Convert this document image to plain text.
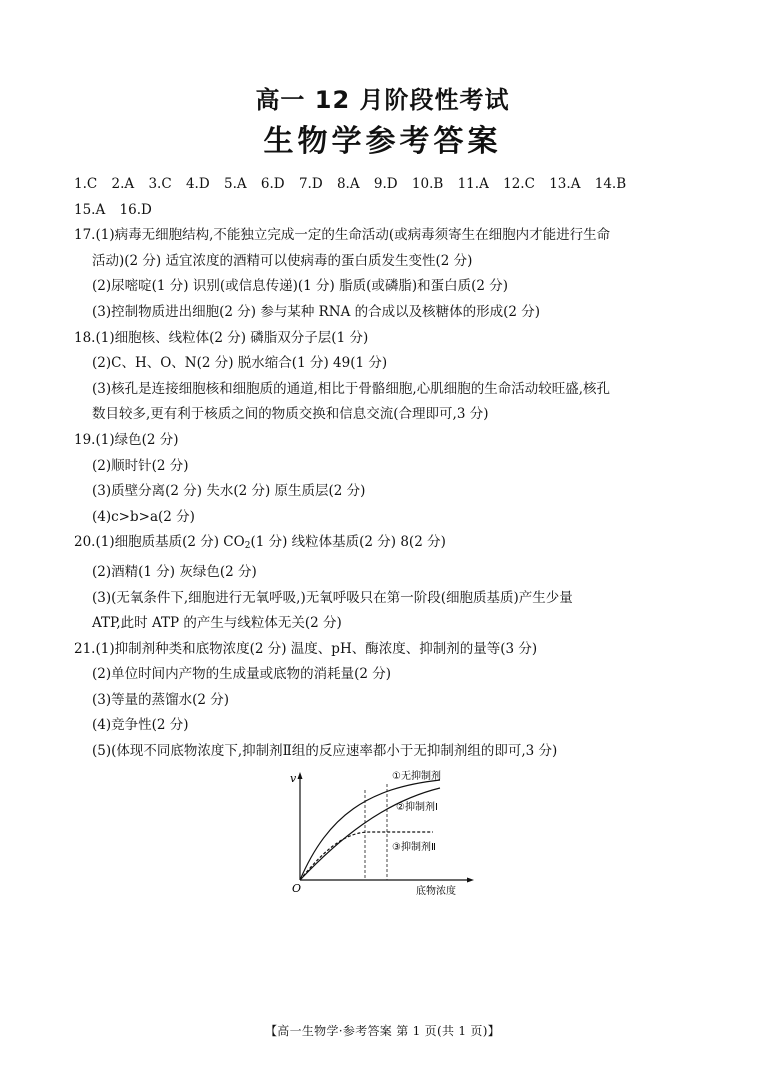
高一 12 月阶段性考试
生物学参考答案
1.C 2.A 3.C 4.D 5.A 6.D 7.D 8.A 9.D 10.B 11.A 12.C 13.A 14.B
15.A 16.D
17.(1)病毒无细胞结构,不能独立完成一定的生命活动(或病毒须寄生在细胞内才能进行生命
活动)(2 分) 适宜浓度的酒精可以使病毒的蛋白质发生变性(2 分)
(2)尿嘧啶(1 分) 识别(或信息传递)(1 分) 脂质(或磷脂)和蛋白质(2 分)
(3)控制物质进出细胞(2 分) 参与某种 RNA 的合成以及核糖体的形成(2 分)
18.(1)细胞核、线粒体(2 分) 磷脂双分子层(1 分)
(2)C、H、O、N(2 分) 脱水缩合(1 分) 49(1 分)
(3)核孔是连接细胞核和细胞质的通道,相比于骨骼细胞,心肌细胞的生命活动较旺盛,核孔
数目较多,更有利于核质之间的物质交换和信息交流(合理即可,3 分)
19.(1)绿色(2 分)
(2)顺时针(2 分)
(3)质壁分离(2 分) 失水(2 分) 原生质层(2 分)
(4)c>b>a(2 分)
20.(1)细胞质基质(2 分) $CO_2(1$ 分) 线粒体基质(2 分) 8(2 分)
(2)酒精(1 分) 灰绿色(2 分)
(3)(无氧条件下,细胞进行无氧呼吸,)无氧呼吸只在第一阶段(细胞质基质)产生少量
ATP,此时 ATP 的产生与线粒体无关(2 分)
21.(1)抑制剂种类和底物浓度(2 分) 温度、pH、酶浓度、抑制剂的量等(3 分)
(2)单位时间内产物的生成量或底物的消耗量(2 分)
(3)等量的蒸馏水(2 分)
(4)竞争性(2 分)
(5)(体现不同底物浓度下,抑制剂Ⅱ组的反应速率都小于无抑制剂组的即可,3 分)
v
O	底物浓度
①无抑制剂
②抑制剂Ⅰ
③抑制剂Ⅱ
【高一生物学·参考答案 第 1 页(共 1 页)】
